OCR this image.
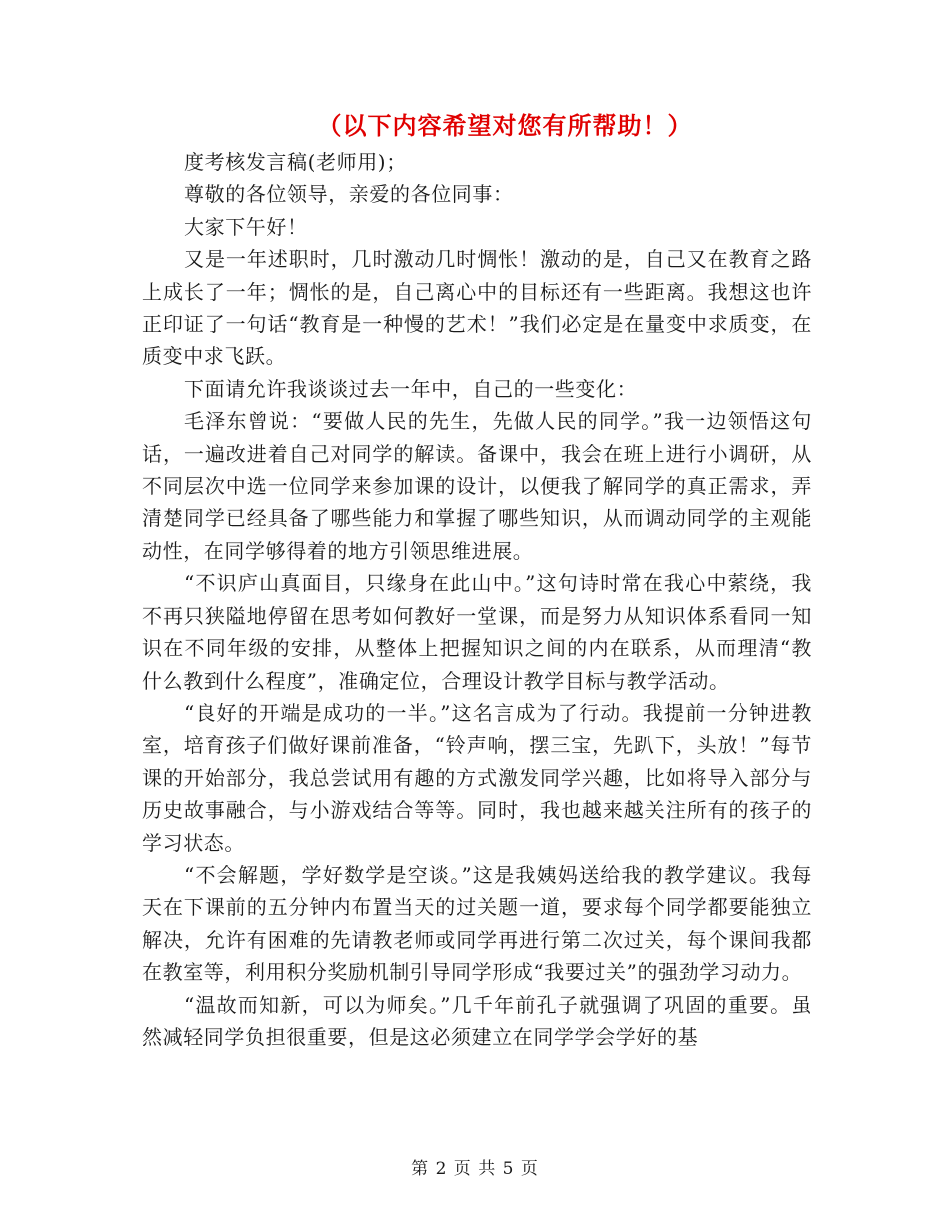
（以下内容希望对您有所帮助！）

度考核发言稿(老师用)；

尊敬的各位领导，亲爱的各位同事：

大家下午好！

又是一年述职时，几时激动几时惆怅！激动的是，自己又在教育之路上成长了一年；惆怅的是，自己离心中的目标还有一些距离。我想这也许正印证了一句话“教育是一种慢的艺术！”我们必定是在量变中求质变，在质变中求飞跃。

下面请允许我谈谈过去一年中，自己的一些变化：

毛泽东曾说：“要做人民的先生，先做人民的同学。”我一边领悟这句话，一遍改进着自己对同学的解读。备课中，我会在班上进行小调研，从不同层次中选一位同学来参加课的设计，以便我了解同学的真正需求，弄清楚同学已经具备了哪些能力和掌握了哪些知识，从而调动同学的主观能动性，在同学够得着的地方引领思维进展。

“不识庐山真面目，只缘身在此山中。”这句诗时常在我心中萦绕，我不再只狭隘地停留在思考如何教好一堂课，而是努力从知识体系看同一知识在不同年级的安排，从整体上把握知识之间的内在联系，从而理清“教什么教到什么程度”，准确定位，合理设计教学目标与教学活动。

“良好的开端是成功的一半。”这名言成为了行动。我提前一分钟进教室，培育孩子们做好课前准备，“铃声响，摆三宝，先趴下，头放！”每节课的开始部分，我总尝试用有趣的方式激发同学兴趣，比如将导入部分与历史故事融合，与小游戏结合等等。同时，我也越来越关注所有的孩子的学习状态。

“不会解题，学好数学是空谈。”这是我姨妈送给我的教学建议。我每天在下课前的五分钟内布置当天的过关题一道，要求每个同学都要能独立解决，允许有困难的先请教老师或同学再进行第二次过关，每个课间我都在教室等，利用积分奖励机制引导同学形成“我要过关”的强劲学习动力。

“温故而知新，可以为师矣。”几千年前孔子就强调了巩固的重要。虽然减轻同学负担很重要，但是这必须建立在同学学会学好的基

第 2 页 共 5 页
